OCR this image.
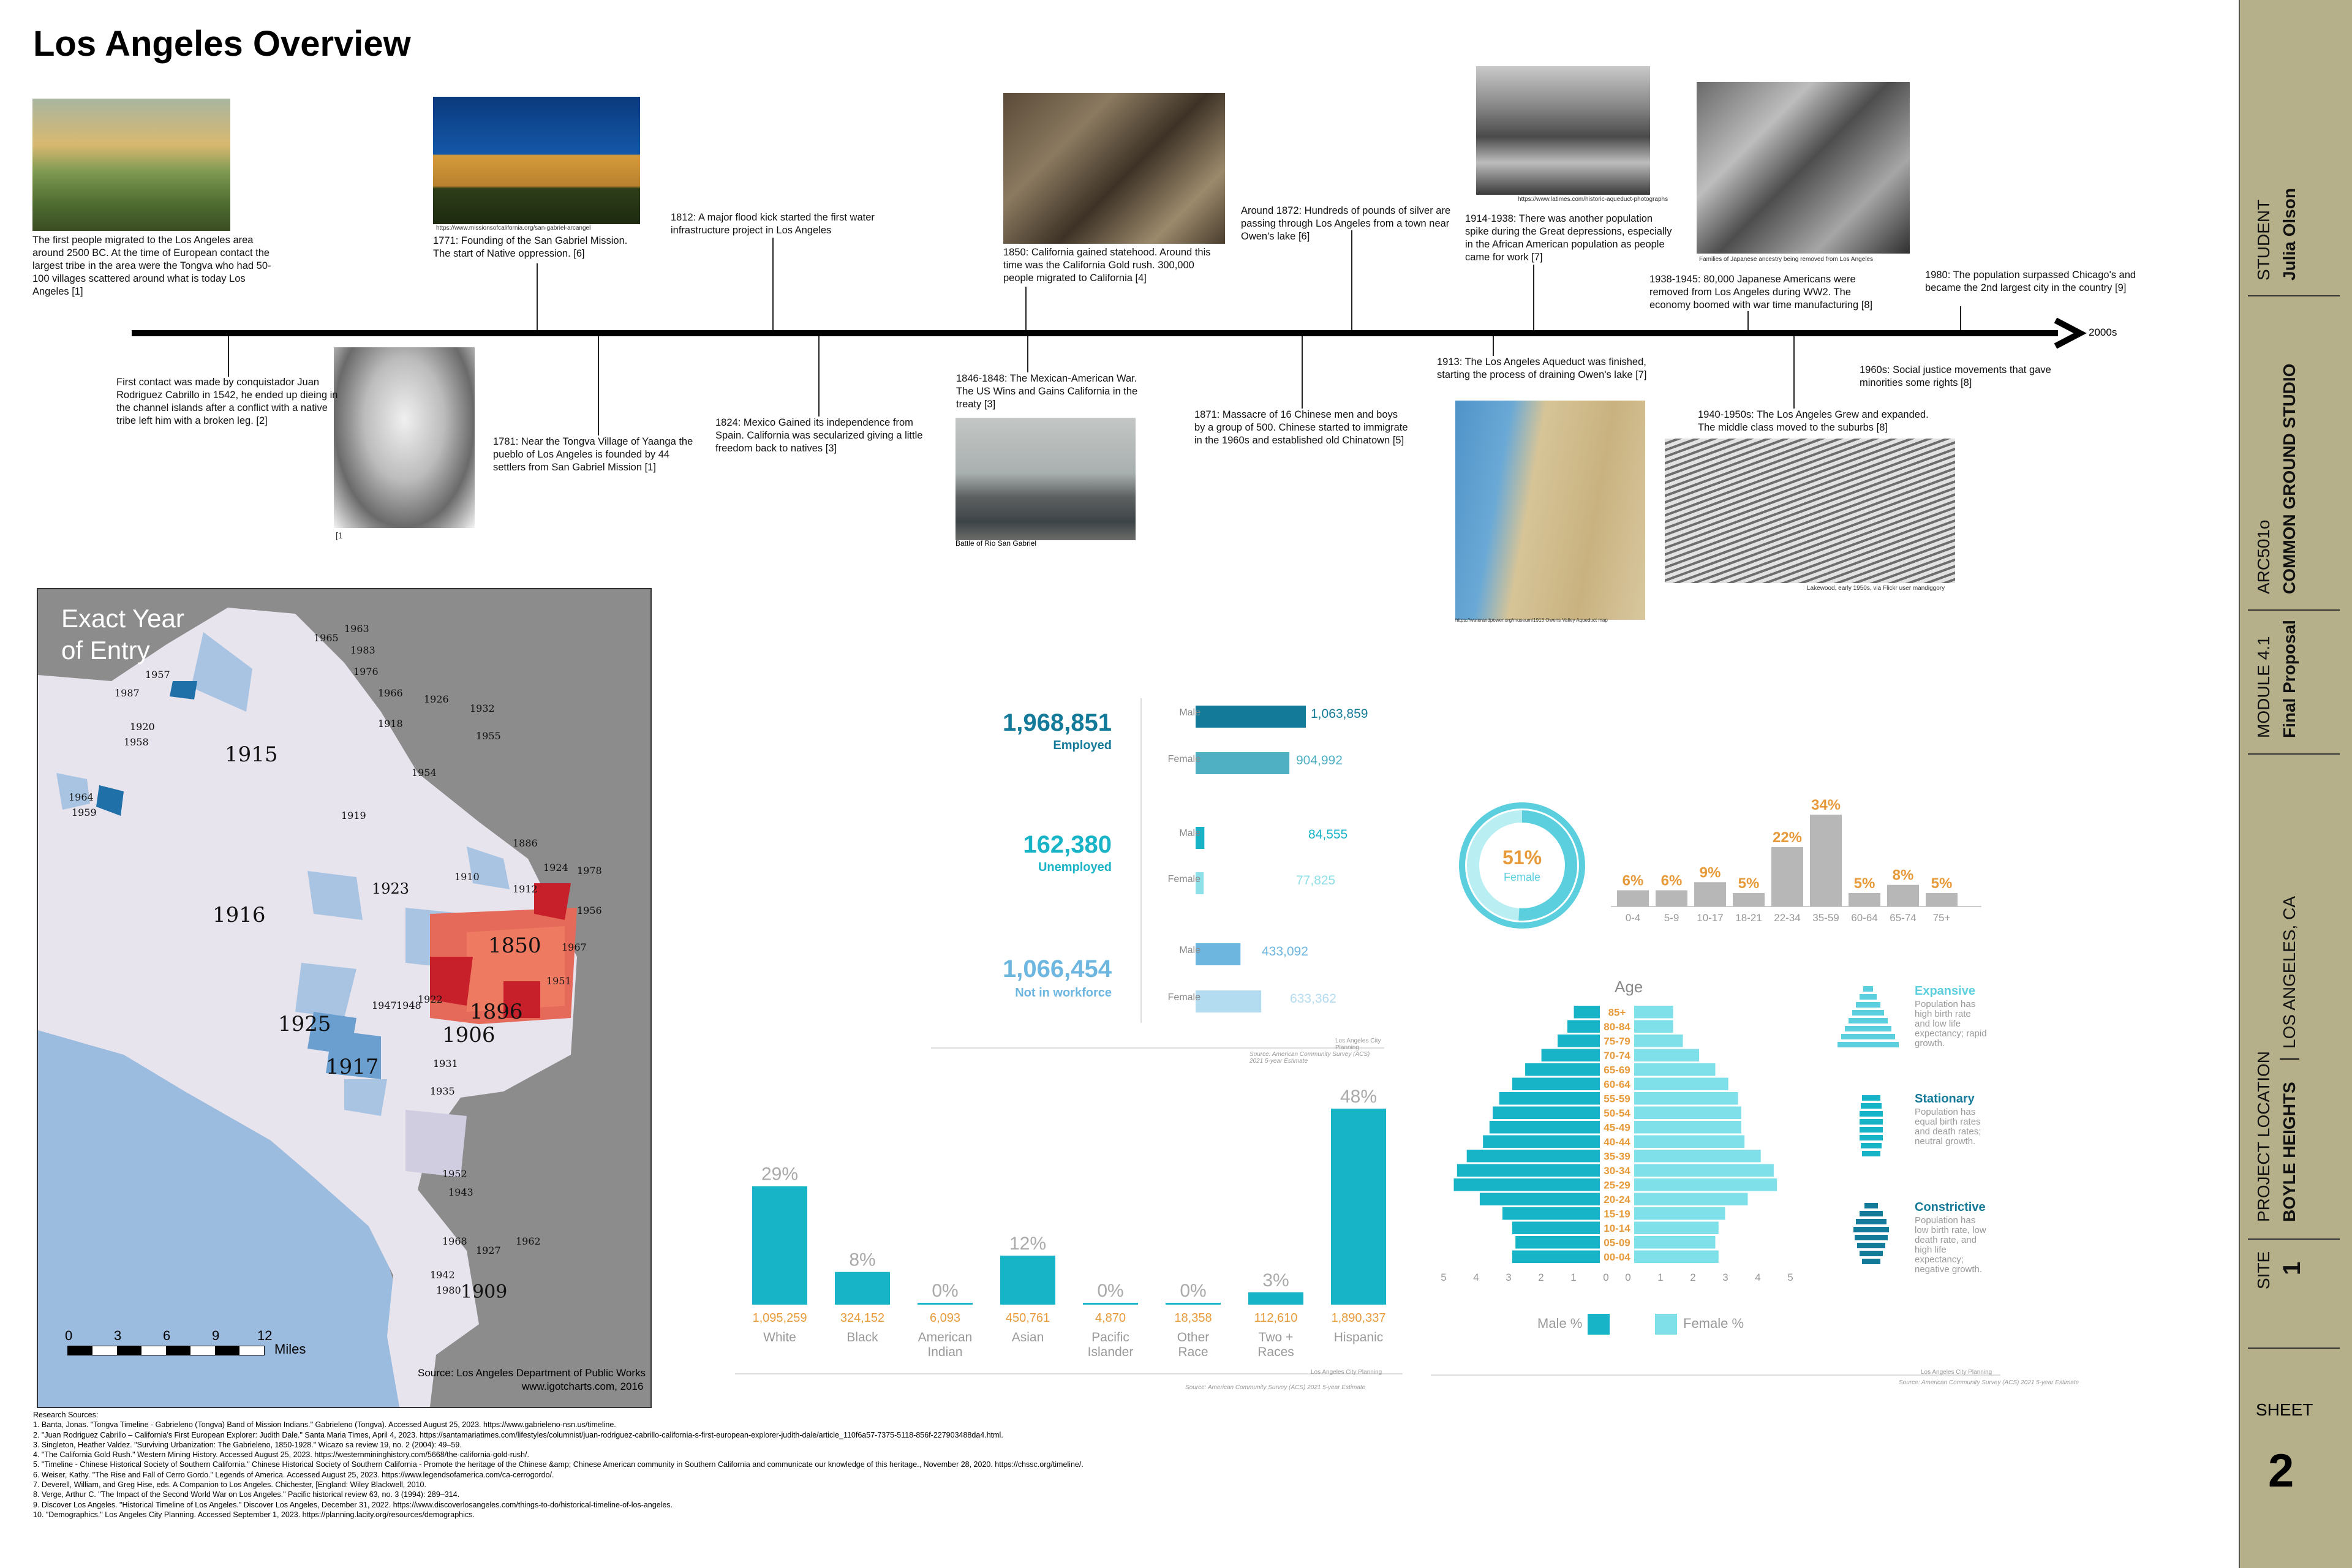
Los Angeles Overview
https://www.missionsofcalifornia.org/san-gabriel-arcangel
https://www.latimes.com/historic-aqueduct-photographs
Families of Japanese ancestry being removed from Los Angeles
[1
Battle of Rio San Gabriel
https://waterandpower.org/museum/1913 Owens Valley Aqueduct map
Lakewood, early 1950s, via Flickr user mandiggory
The first people migrated to the Los Angeles area around 2500 BC. At the time of European contact the largest tribe in the area were the Tongva who had 50-100 villages scattered around what is today Los Angeles [1]
1771: Founding of the San Gabriel Mission. The start of Native oppression. [6]
1812: A major flood kick started the first water infrastructure project in Los Angeles
1850: California gained statehood. Around this time was the California Gold rush. 300,000 people migrated to California [4]
Around 1872: Hundreds of pounds of silver are passing through Los Angeles from a town near Owen's lake [6]
1914-1938: There was another population spike during the Great depressions, especially in the African American population as people came for work [7]
1938-1945: 80,000 Japanese Americans were removed from Los Angeles during WW2. The economy boomed with war time manufacturing [8]
1980: The population surpassed Chicago's and became the 2nd largest city in the country [9]
First contact was made by conquistador Juan Rodriguez Cabrillo in 1542, he ended up dieing in the channel islands after a conflict with a native tribe left him with a broken leg. [2]
1781: Near the Tongva Village of Yaanga the pueblo of Los Angeles is founded by 44 settlers from San Gabriel Mission [1]
1824: Mexico Gained its independence from Spain. California was secularized giving a little freedom back to natives [3]
1846-1848: The Mexican-American War. The US Wins and Gains California in the treaty [3]
1871: Massacre of 16 Chinese men and boys by a group of 500. Chinese started to immigrate in the 1960s and established old Chinatown [5]
1913: The Los Angeles Aqueduct was finished, starting the process of draining Owen's lake [7]
1940-1950s: The Los Angeles Grew and expanded. The middle class moved to the suburbs [8]
1960s: Social justice movements that gave minorities some rights [8]
2000s
Exact Year
of Entry
1915
1916
1925
1850
1896
1906
1917
1909
1923
1926
1918
1932
1955
1954
1919
1910
1912
1886
1924 1978
1956
1967
1951
1947 1948
1922
1931
1935
1952
1943
1968
1927
1962
1942
1980
1959
1965
1983
1976
1966
1987
1920
1958
1964
1957
1963
0	3	6	9	12
Miles
Source: Los Angeles Department of Public Works
www.igotcharts.com, 2016
1,968,851
Employed
162,380
Unemployed
1,066,454
Not in workforce
Male
Female
Male
Female
Male
Female
1,063,859
904,992
84,555
77,825
433,092
633,362
Los Angeles City Planning
Source: American Community Survey (ACS) 2021 5-year Estimate
51%
Female	6%
0-4
6%
5-9
9%
10-17
5%
18-21
22%
22-34
34%
35-59
5%
60-64
8%
65-74
5%
75+
29%
1,095,259
White
8%
324,152
Black
0%
6,093
American
Indian
12%
450,761
Asian
0%
4,870
Pacific
Islander
0%
18,358
Other
Race
3%
112,610
Two +
Races
48%
1,890,337
Hispanic
Los Angeles City Planning
Source: American Community Survey (ACS) 2021 5-year Estimate
Age
85+
80-84
75-79
70-74
65-69
60-64
55-59
50-54
45-49
40-44
35-39
30-34
25-29
20-24
15-19
10-14
05-09
00-04
5	4	3	2	1	0 0	1	2	3	4	5
Male %	Female %
Los Angeles City Planning
Source: American Community Survey (ACS) 2021 5-year Estimate
Expansive
Population has high birth rate and low life expectancy; rapid growth.
Stationary
Population has equal birth rates and death rates; neutral growth.
Constrictive
Population has low birth rate, low death rate, and high life expectancy; negative growth.
Research Sources:
1. Banta, Jonas. "Tongva Timeline - Gabrieleno (Tongva) Band of Mission Indians." Gabrieleno (Tongva). Accessed August 25, 2023. https://www.gabrieleno-nsn.us/timeline.
2. "Juan Rodriguez Cabrillo – California's First European Explorer: Judith Dale." Santa Maria Times, April 4, 2023. https://santamariatimes.com/lifestyles/columnist/juan-rodriguez-cabrillo-california-s-first-european-explorer-judith-dale/article_110f6a57-7375-5118-856f-227903488da4.html.
3. Singleton, Heather Valdez. "Surviving Urbanization: The Gabrieleno, 1850-1928." Wicazo sa review 19, no. 2 (2004): 49–59.
4. "The California Gold Rush." Western Mining History. Accessed August 25, 2023. https://westernmininghistory.com/5668/the-california-gold-rush/.
5. "Timeline - Chinese Historical Society of Southern California." Chinese Historical Society of Southern California - Promote the heritage of the Chinese &amp; Chinese American community in Southern California and communicate our knowledge of this heritage., November 28, 2020. https://chssc.org/timeline/.
6. Weiser, Kathy. "The Rise and Fall of Cerro Gordo." Legends of America. Accessed August 25, 2023. https://www.legendsofamerica.com/ca-cerrogordo/.
7. Deverell, William, and Greg Hise, eds. A Companion to Los Angeles. Chichester, [England: Wiley Blackwell, 2010.
8. Verge, Arthur C. "The Impact of the Second World War on Los Angeles." Pacific historical review 63, no. 3 (1994): 289–314.
9. Discover Los Angeles. "Historical Timeline of Los Angeles." Discover Los Angeles, December 31, 2022. https://www.discoverlosangeles.com/things-to-do/historical-timeline-of-los-angeles.
10. "Demographics." Los Angeles City Planning. Accessed September 1, 2023. https://planning.lacity.org/resources/demographics.
STUDENT Julia Olson
ARC501o COMMON GROUND STUDIO
MODULE 4.1 Final Proposal
PROJECT LOCATION BOYLE HEIGHTS
LOS ANGELES, CA
SITE 1
SHEET
2
